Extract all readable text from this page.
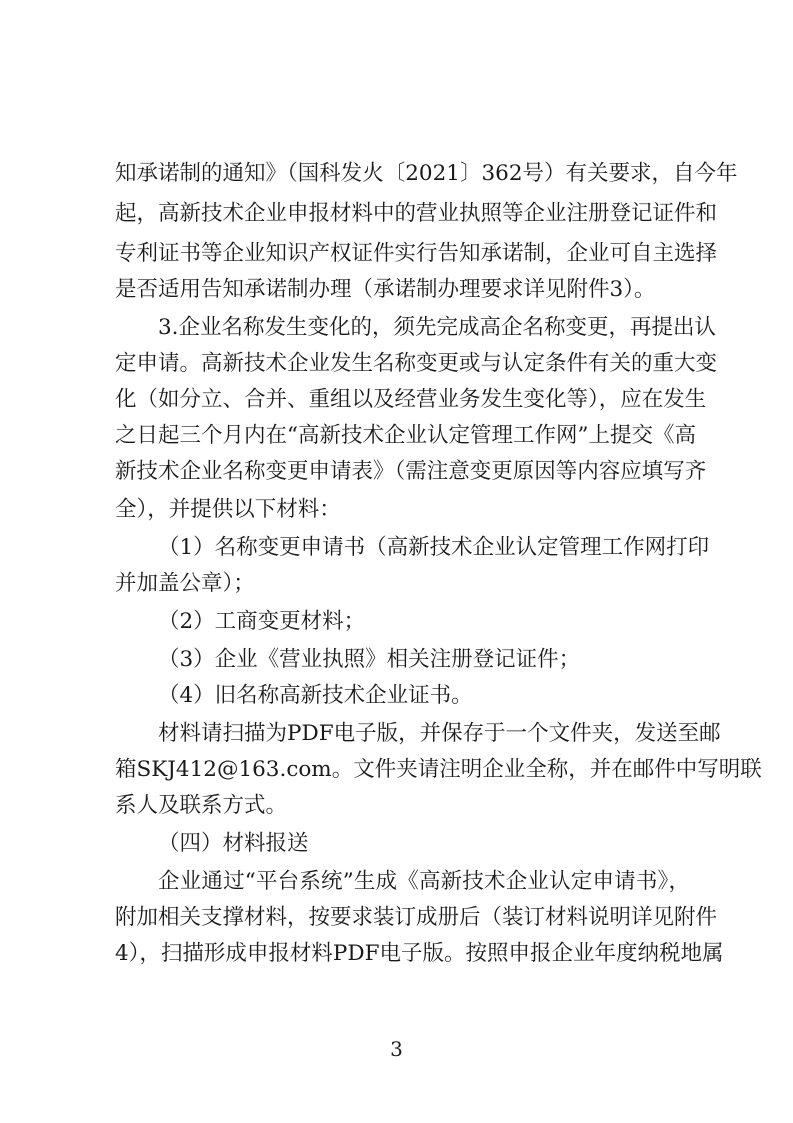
知承诺制的通知》（国科发火〔2021〕362号）有关要求，自今年
起，高新技术企业申报材料中的营业执照等企业注册登记证件和
专利证书等企业知识产权证件实行告知承诺制，企业可自主选择
是否适用告知承诺制办理（承诺制办理要求详见附件3）。
3.企业名称发生变化的，须先完成高企名称变更，再提出认
定申请。高新技术企业发生名称变更或与认定条件有关的重大变
化（如分立、合并、重组以及经营业务发生变化等），应在发生
之日起三个月内在“高新技术企业认定管理工作网”上提交《高
新技术企业名称变更申请表》（需注意变更原因等内容应填写齐
全），并提供以下材料：
（1）名称变更申请书（高新技术企业认定管理工作网打印
并加盖公章）；
（2）工商变更材料；
（3）企业《营业执照》相关注册登记证件；
（4）旧名称高新技术企业证书。
材料请扫描为PDF电子版，并保存于一个文件夹，发送至邮
箱SKJ412@163.com。文件夹请注明企业全称，并在邮件中写明联
系人及联系方式。
（四）材料报送
企业通过“平台系统”生成《高新技术企业认定申请书》，
附加相关支撑材料，按要求装订成册后（装订材料说明详见附件
4），扫描形成申报材料PDF电子版。按照申报企业年度纳税地属
3
